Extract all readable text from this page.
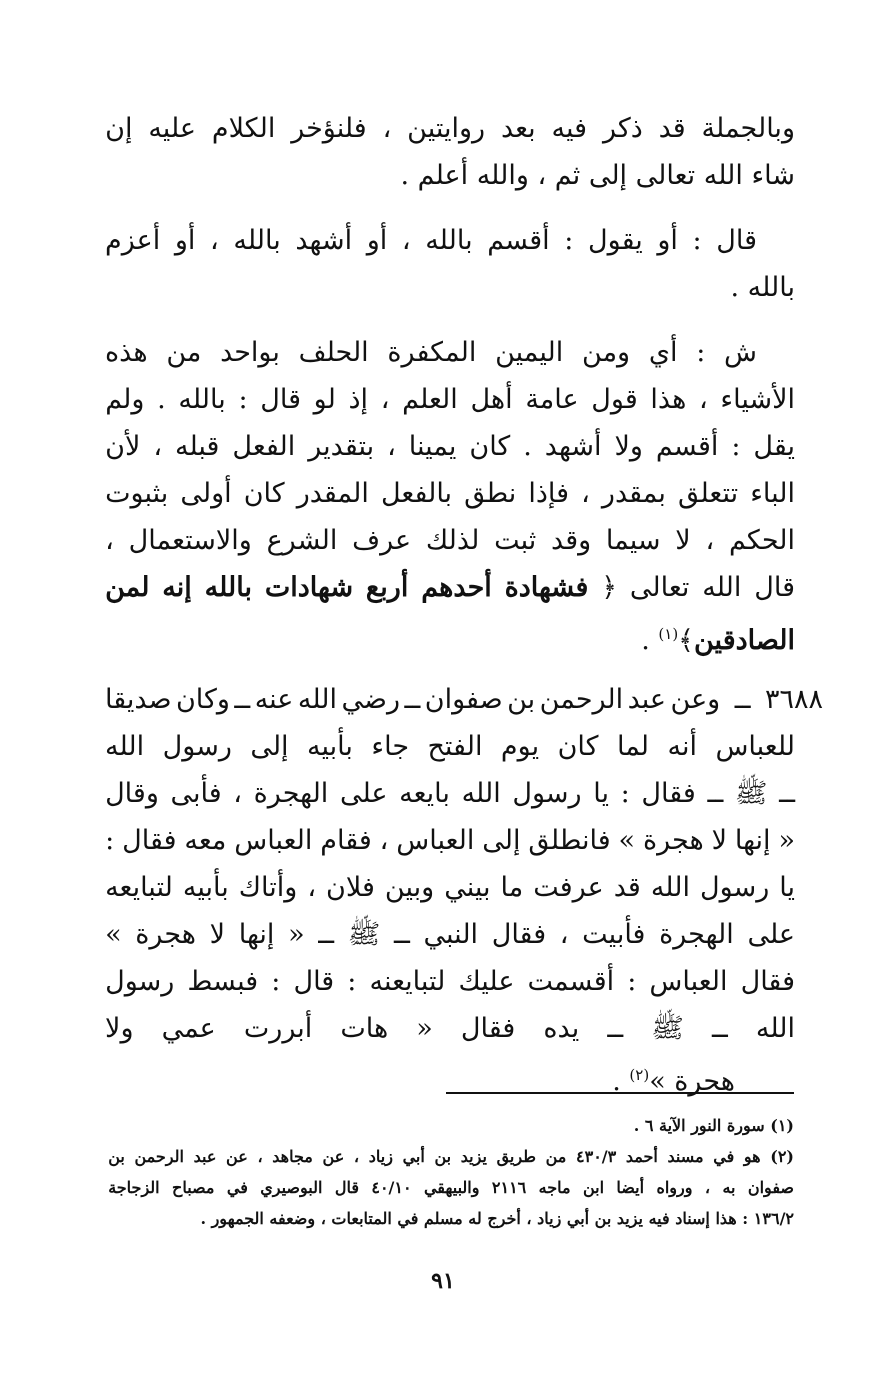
وبالجملة
قد
ذكر
فيه
بعد
روايتين
،
فلنؤخر
الكلام
عليه
إن
شاء الله تعالى إلى ثم ، والله أعلم .
قال
:
أو
يقول
:
أقسم
بالله
،
أو
أشهد
بالله
،
أو
أعزم
بالله .
ش
:
أي
ومن
اليمين
المكفرة
الحلف
بواحد
من
هذه
الأشياء
،
هذا
قول
عامة
أهل
العلم
،
إذ
لو
قال
:
بالله
.
ولم
يقل
:
أقسم
ولا
أشهد
.
كان
يمينا
،
بتقدير
الفعل
قبله
،
لأن
الباء
تتعلق
بمقدر
،
فإذا
نطق
بالفعل
المقدر
كان
أولى
بثبوت
الحكم
،
لا
سيما
وقد
ثبت
لذلك
عرف
الشرع
والاستعمال
،
قال
الله
تعالى
﴿
فشهادة
أحدهم
أربع
شهادات
بالله
إنه
لمن
الصادقين﴾$^{(١)}$ .
٣٦٨٨
ــ
وعن
عبد
الرحمن
بن
صفوان
ــ
رضي
الله
عنه
ــ
وكان
صديقا
للعباس
أنه
لما
كان
يوم
الفتح
جاء
بأبيه
إلى
رسول
الله
ــ
ﷺ
ــ
فقال
:
يا
رسول
الله
بايعه
على
الهجرة
،
فأبى
وقال
«
إنها
لا
هجرة
»
فانطلق
إلى
العباس
،
فقام
العباس
معه
فقال
:
يا
رسول
الله
قد
عرفت
ما
بيني
وبين
فلان
،
وأتاك
بأبيه
لتبايعه
على
الهجرة
فأبيت
،
فقال
النبي
ــ
ﷺ
ــ
«
إنها
لا
هجرة
»
فقال
العباس
:
أقسمت
عليك
لتبايعنه
:
قال
:
فبسط
رسول
الله
ــ
ﷺ
ــ
يده
فقال
«
هات
أبررت
عمي
ولا
هجرة »$^{(٢)}$ .
(١) سورة النور الآية ٦ .
(٢)
هو
في
مسند
أحمد
٤٣٠/٣
من
طريق
يزيد
بن
أبي
زياد
،
عن
مجاهد
،
عن
عبد
الرحمن
بن
صفوان
به
،
ورواه
أيضا
ابن
ماجه
٢١١٦
والبيهقي
٤٠/١٠
قال
البوصيري
في
مصباح
الزجاجة
١٣٦/٢ : هذا إسناد فيه يزيد بن أبي زياد ، أخرج له مسلم في المتابعات ، وضعفه الجمهور .
٩١
